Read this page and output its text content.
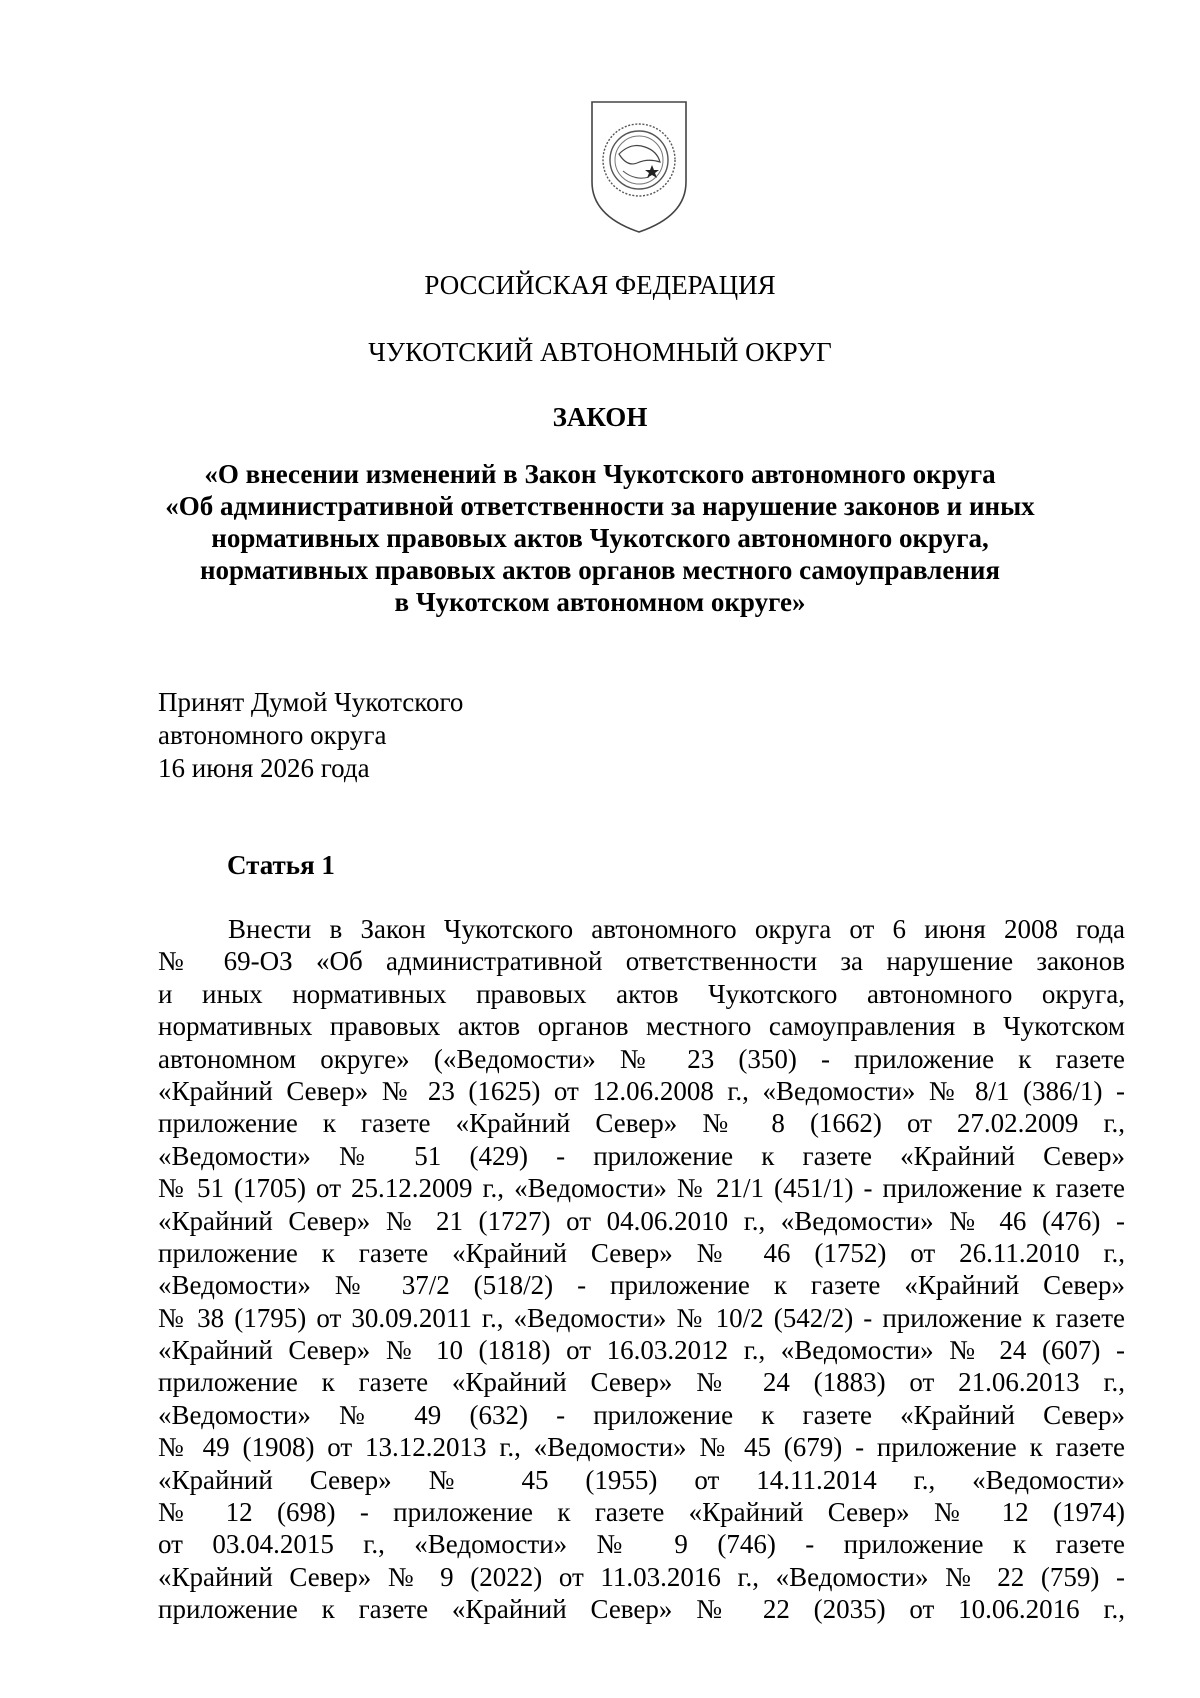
РОССИЙСКАЯ ФЕДЕРАЦИЯ
ЧУКОТСКИЙ АВТОНОМНЫЙ ОКРУГ
ЗАКОН
«О внесении изменений в Закон Чукотского автономного округа
«Об административной ответственности за нарушение законов и иных
нормативных правовых актов Чукотского автономного округа,
нормативных правовых актов органов местного самоуправления
в Чукотском автономном округе»
Принят Думой Чукотского
автономного округа
16 июня 2026 года
Статья 1
Внести в Закон Чукотского автономного округа от 6 июня 2008 года
№ 69-ОЗ «Об административной ответственности за нарушение законов
и иных нормативных правовых актов Чукотского автономного округа,
нормативных правовых актов органов местного самоуправления в Чукотском
автономном округе» («Ведомости» № 23 (350) - приложение к газете
«Крайний Север» № 23 (1625) от 12.06.2008 г., «Ведомости» № 8/1 (386/1) -
приложение к газете «Крайний Север» № 8 (1662) от 27.02.2009 г.,
«Ведомости» № 51 (429) - приложение к газете «Крайний Север»
№ 51 (1705) от 25.12.2009 г., «Ведомости» № 21/1 (451/1) - приложение к газете
«Крайний Север» № 21 (1727) от 04.06.2010 г., «Ведомости» № 46 (476) -
приложение к газете «Крайний Север» № 46 (1752) от 26.11.2010 г.,
«Ведомости» № 37/2 (518/2) - приложение к газете «Крайний Север»
№ 38 (1795) от 30.09.2011 г., «Ведомости» № 10/2 (542/2) - приложение к газете
«Крайний Север» № 10 (1818) от 16.03.2012 г., «Ведомости» № 24 (607) -
приложение к газете «Крайний Север» № 24 (1883) от 21.06.2013 г.,
«Ведомости» № 49 (632) - приложение к газете «Крайний Север»
№ 49 (1908) от 13.12.2013 г., «Ведомости» № 45 (679) - приложение к газете
«Крайний Север» № 45 (1955) от 14.11.2014 г., «Ведомости»
№ 12 (698) - приложение к газете «Крайний Север» № 12 (1974)
от 03.04.2015 г., «Ведомости» № 9 (746) - приложение к газете
«Крайний Север» № 9 (2022) от 11.03.2016 г., «Ведомости» № 22 (759) -
приложение к газете «Крайний Север» № 22 (2035) от 10.06.2016 г.,
